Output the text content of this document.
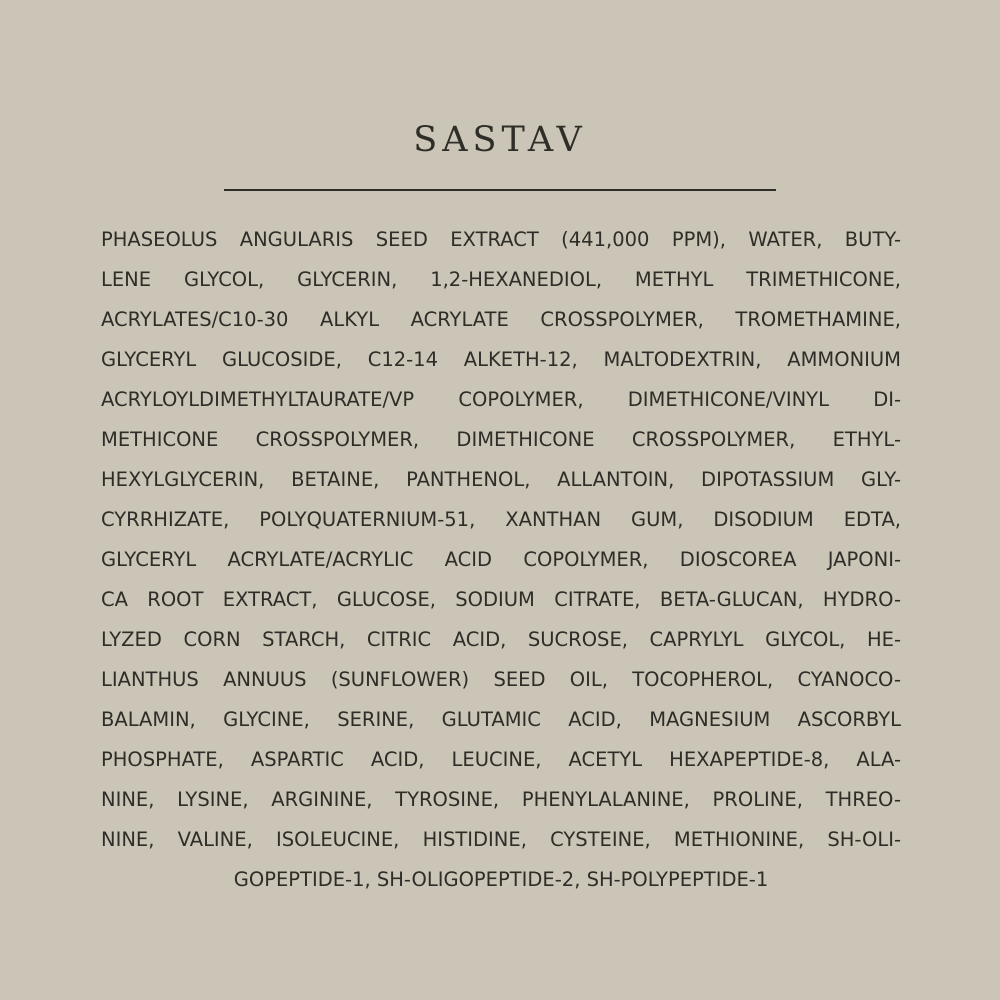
SASTAV
PHASEOLUS ANGULARIS SEED EXTRACT (441,000 PPM), WATER, BUTY-
LENE GLYCOL, GLYCERIN, 1,2-HEXANEDIOL, METHYL TRIMETHICONE,
ACRYLATES/C10-30 ALKYL ACRYLATE CROSSPOLYMER, TROMETHAMINE,
GLYCERYL GLUCOSIDE, C12-14 ALKETH-12, MALTODEXTRIN, AMMONIUM
ACRYLOYLDIMETHYLTAURATE/VP COPOLYMER, DIMETHICONE/VINYL DI-
METHICONE CROSSPOLYMER, DIMETHICONE CROSSPOLYMER, ETHYL-
HEXYLGLYCERIN, BETAINE, PANTHENOL, ALLANTOIN, DIPOTASSIUM GLY-
CYRRHIZATE, POLYQUATERNIUM-51, XANTHAN GUM, DISODIUM EDTA,
GLYCERYL ACRYLATE/ACRYLIC ACID COPOLYMER, DIOSCOREA JAPONI-
CA ROOT EXTRACT, GLUCOSE, SODIUM CITRATE, BETA-GLUCAN, HYDRO-
LYZED CORN STARCH, CITRIC ACID, SUCROSE, CAPRYLYL GLYCOL, HE-
LIANTHUS ANNUUS (SUNFLOWER) SEED OIL, TOCOPHEROL, CYANOCO-
BALAMIN, GLYCINE, SERINE, GLUTAMIC ACID, MAGNESIUM ASCORBYL
PHOSPHATE, ASPARTIC ACID, LEUCINE, ACETYL HEXAPEPTIDE-8, ALA-
NINE, LYSINE, ARGININE, TYROSINE, PHENYLALANINE, PROLINE, THREO-
NINE, VALINE, ISOLEUCINE, HISTIDINE, CYSTEINE, METHIONINE, SH-OLI-
GOPEPTIDE-1, SH-OLIGOPEPTIDE-2, SH-POLYPEPTIDE-1
